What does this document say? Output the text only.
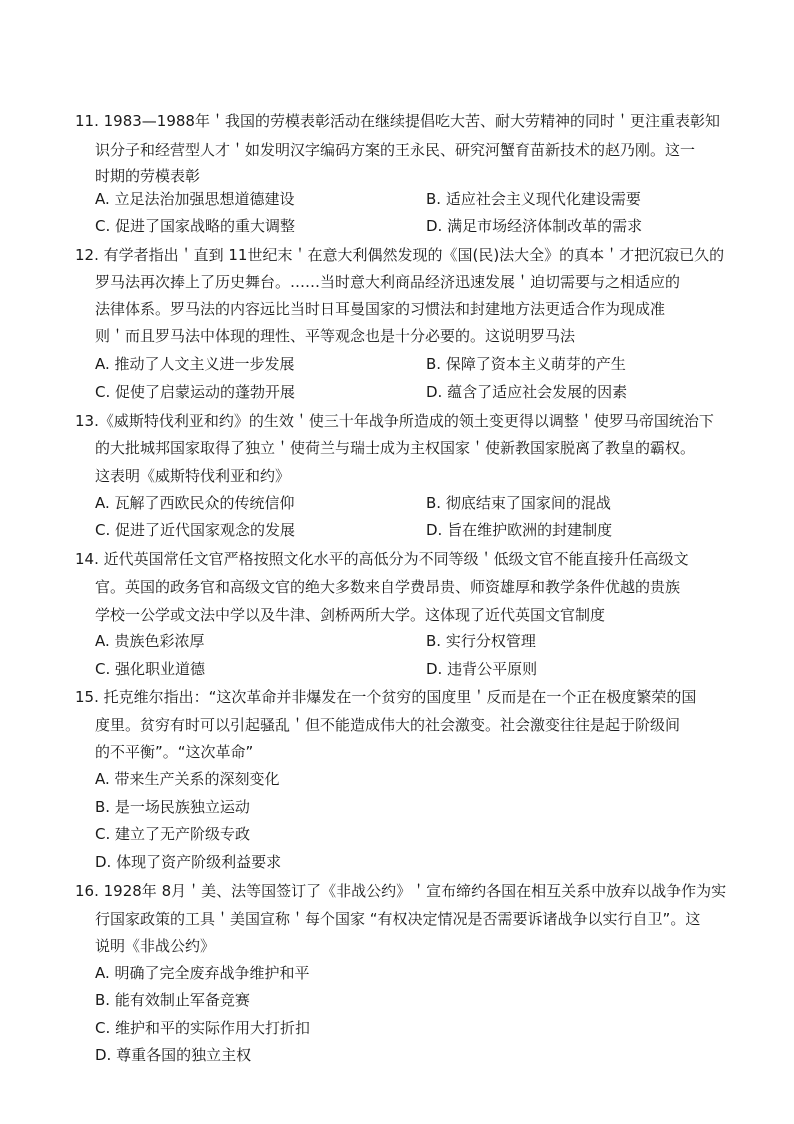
11. 1983—1988年＇我国的劳模表彰活动在继续提倡吃大苦、耐大劳精神的同时＇更注重表彰知
识分子和经营型人才＇如发明汉字编码方案的王永民、研究河蟹育苗新技术的赵乃刚。这一
时期的劳模表彰
A. 立足法治加强思想道德建设	B. 适应社会主义现代化建设需要
C. 促进了国家战略的重大调整	D. 满足市场经济体制改革的需求
12. 有学者指出＇直到 11世纪末＇在意大利偶然发现的《国(民)法大全》的真本＇才把沉寂已久的
罗马法再次捧上了历史舞台。……当时意大利商品经济迅速发展＇迫切需要与之相适应的
法律体系。罗马法的内容远比当时日耳曼国家的习惯法和封建地方法更适合作为现成准
则＇而且罗马法中体现的理性、平等观念也是十分必要的。这说明罗马法
A. 推动了人文主义进一步发展	B. 保障了资本主义萌芽的产生
C. 促使了启蒙运动的蓬勃开展	D. 蕴含了适应社会发展的因素
13.《威斯特伐利亚和约》的生效＇使三十年战争所造成的领土变更得以调整＇使罗马帝国统治下
的大批城邦国家取得了独立＇使荷兰与瑞士成为主权国家＇使新教国家脱离了教皇的霸权。
这表明《威斯特伐利亚和约》
A. 瓦解了西欧民众的传统信仰	B. 彻底结束了国家间的混战
C. 促进了近代国家观念的发展	D. 旨在维护欧洲的封建制度
14. 近代英国常任文官严格按照文化水平的高低分为不同等级＇低级文官不能直接升任高级文
官。英国的政务官和高级文官的绝大多数来自学费昂贵、师资雄厚和教学条件优越的贵族
学校一公学或文法中学以及牛津、剑桥两所大学。这体现了近代英国文官制度
A. 贵族色彩浓厚	B. 实行分权管理
C. 强化职业道德	D. 违背公平原则
15. 托克维尔指出：“这次革命并非爆发在一个贫穷的国度里＇反而是在一个正在极度繁荣的国
度里。贫穷有时可以引起骚乱＇但不能造成伟大的社会激变。社会激变往往是起于阶级间
的不平衡”。“这次革命”
A. 带来生产关系的深刻变化
B. 是一场民族独立运动
C. 建立了无产阶级专政
D. 体现了资产阶级利益要求
16. 1928年 8月＇美、法等国签订了《非战公约》＇宣布缔约各国在相互关系中放弃以战争作为实
行国家政策的工具＇美国宣称＇每个国家 “有权决定情况是否需要诉诸战争以实行自卫”。这
说明《非战公约》
A. 明确了完全废弃战争维护和平
B. 能有效制止军备竞赛
C. 维护和平的实际作用大打折扣
D. 尊重各国的独立主权
